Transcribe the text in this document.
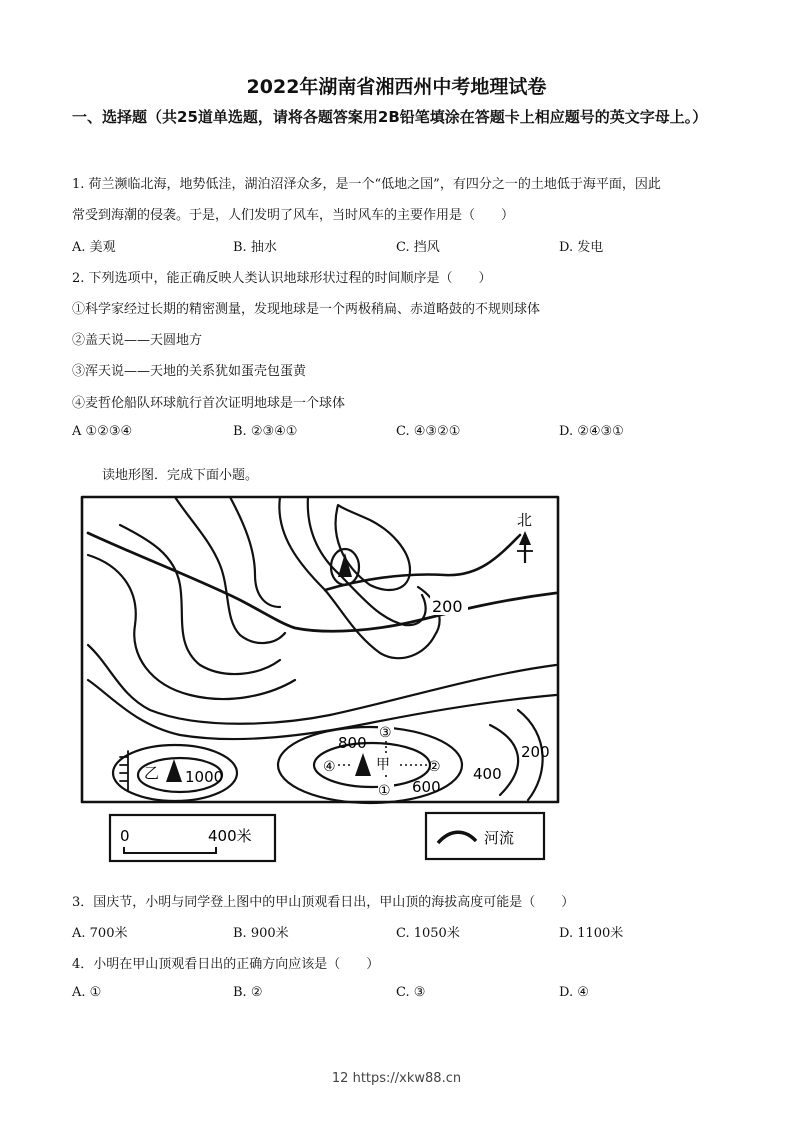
2022年湖南省湘西州中考地理试卷
一、选择题（共25道单选题，请将各题答案用2B铅笔填涂在答题卡上相应题号的英文字母上。）
1. 荷兰濒临北海，地势低洼，湖泊沼泽众多，是一个“低地之国”，有四分之一的土地低于海平面，因此
常受到海潮的侵袭。于是，人们发明了风车，当时风车的主要作用是（　　）
A. 美观	B. 抽水	C. 挡风	D. 发电
2. 下列选项中，能正确反映人类认识地球形状过程的时间顺序是（　　）
①科学家经过长期的精密测量，发现地球是一个两极稍扁、赤道略鼓的不规则球体
②盖天说——天圆地方
③浑天说——天地的关系犹如蛋壳包蛋黄
④麦哲伦船队环球航行首次证明地球是一个球体
A ①②③④	B. ②③④①	C. ④③②①	D. ②④③①
读地形图．完成下面小题。
北
200
800	200
400
600
1000
乙	甲
①
②
③
④
0	400米	河流
3．国庆节，小明与同学登上图中的甲山顶观看日出，甲山顶的海拔高度可能是（　　）
A. 700米	B. 900米	C. 1050米	D. 1100米
4．小明在甲山顶观看日出的正确方向应该是（　　）
A. ①	B. ②	C. ③	D. ④
12 https://xkw88.cn
